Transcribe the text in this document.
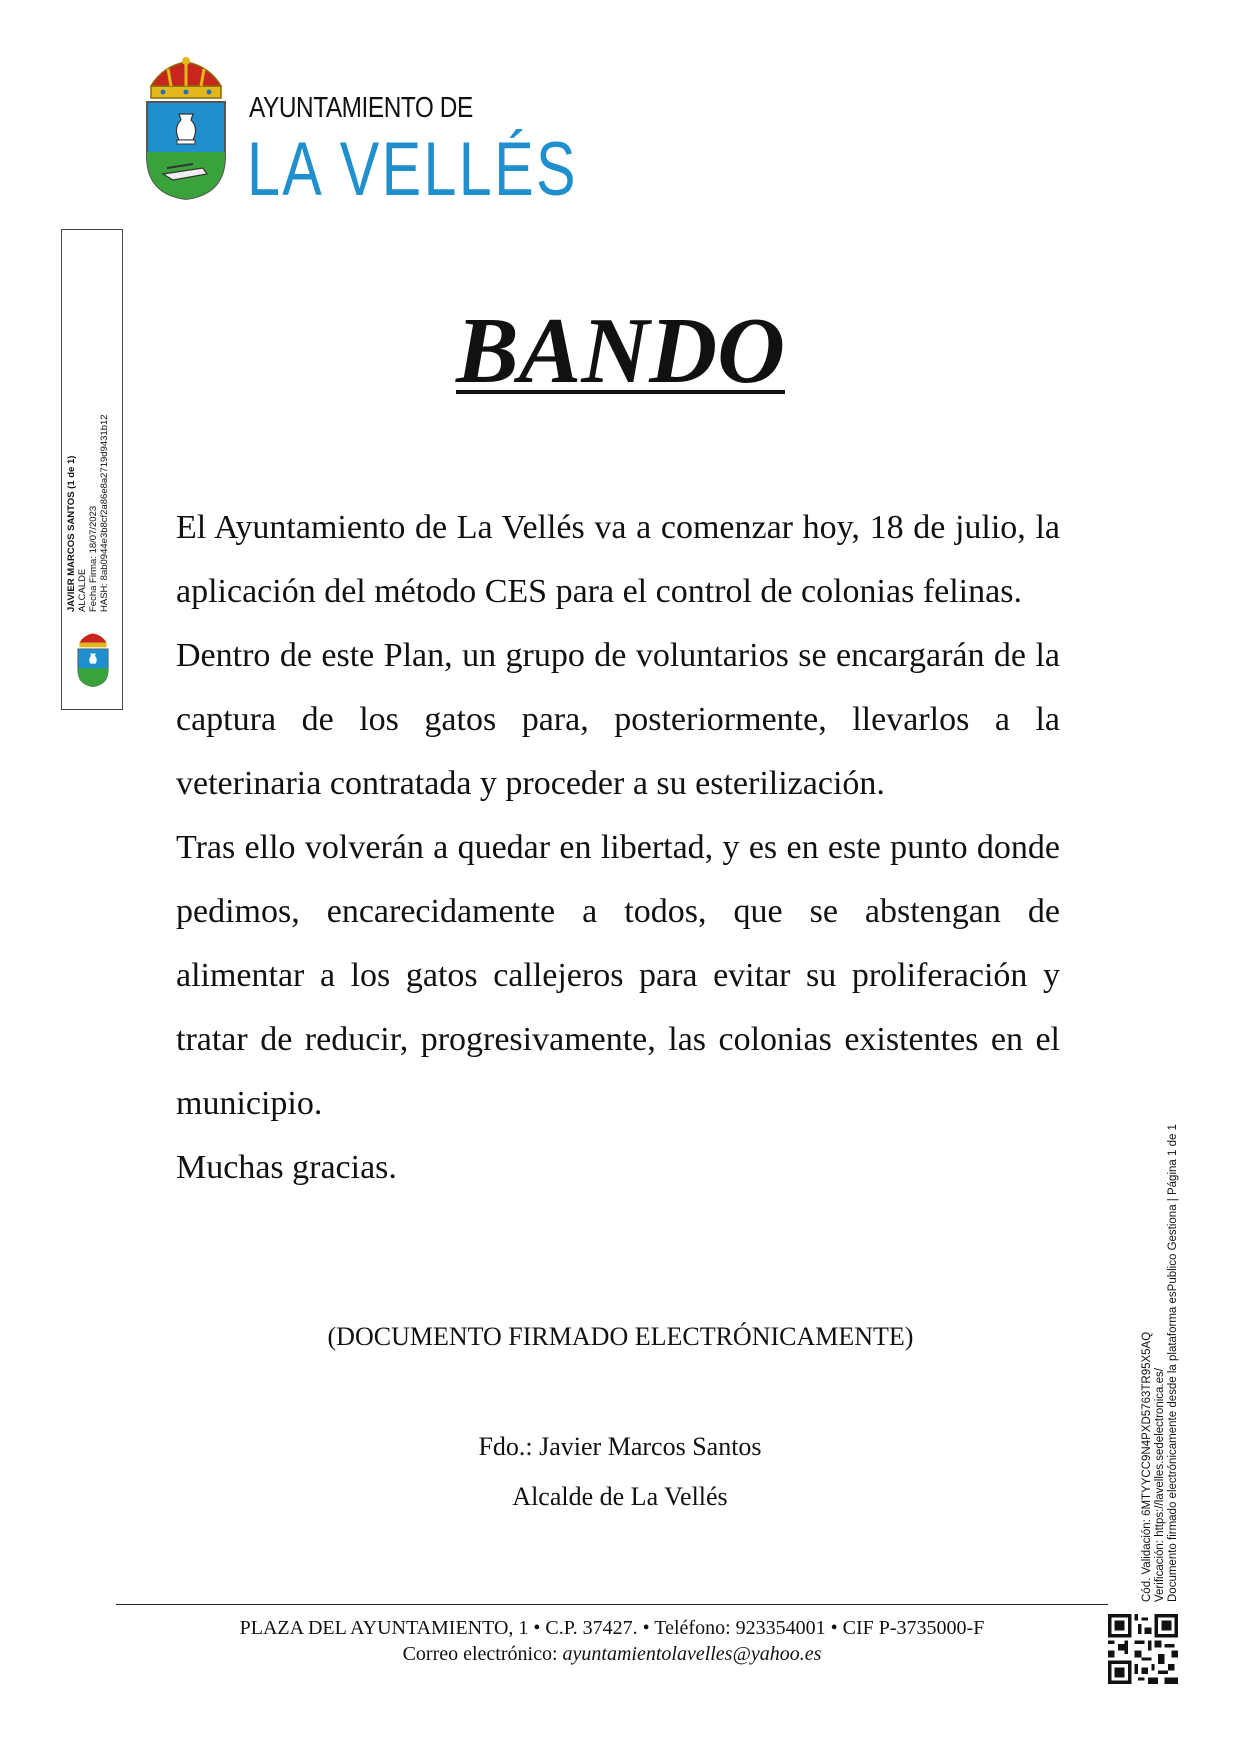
AYUNTAMIENTO DE
LA VELLÉS
JAVIER MARCOS SANTOS (1 de 1) ALCALDE Fecha Firma: 18/07/2023 HASH: 8ab0944e3b8cf2a86e8a2719d9431b12
BANDO

El Ayuntamiento de La Vellés va a comenzar hoy, 18 de julio, la aplicación del método CES para el control de colonias felinas.

Dentro de este Plan, un grupo de voluntarios se encargarán de la captura de los gatos para, posteriormente, llevarlos a la veterinaria contratada y proceder a su esterilización.

Tras ello volverán a quedar en libertad, y es en este punto donde pedimos, encarecidamente a todos, que se abstengan de alimentar a los gatos callejeros para evitar su proliferación y tratar de reducir, progresivamente, las colonias existentes en el municipio.

Muchas gracias.

(DOCUMENTO FIRMADO ELECTRÓNICAMENTE)
Fdo.: Javier Marcos Santos
Alcalde de La Vellés
PLAZA DEL AYUNTAMIENTO, 1 • C.P. 37427. • Teléfono: 923354001 • CIF P-3735000-F
Correo electrónico: ayuntamientolavelles@yahoo.es
Cód. Validación: 6MTYYCC9N4PXD5763TR95X5AQ Verificación: https://lavelles.sedelectronica.es/ Documento firmado electrónicamente desde la plataforma esPublico Gestiona | Página 1 de 1
